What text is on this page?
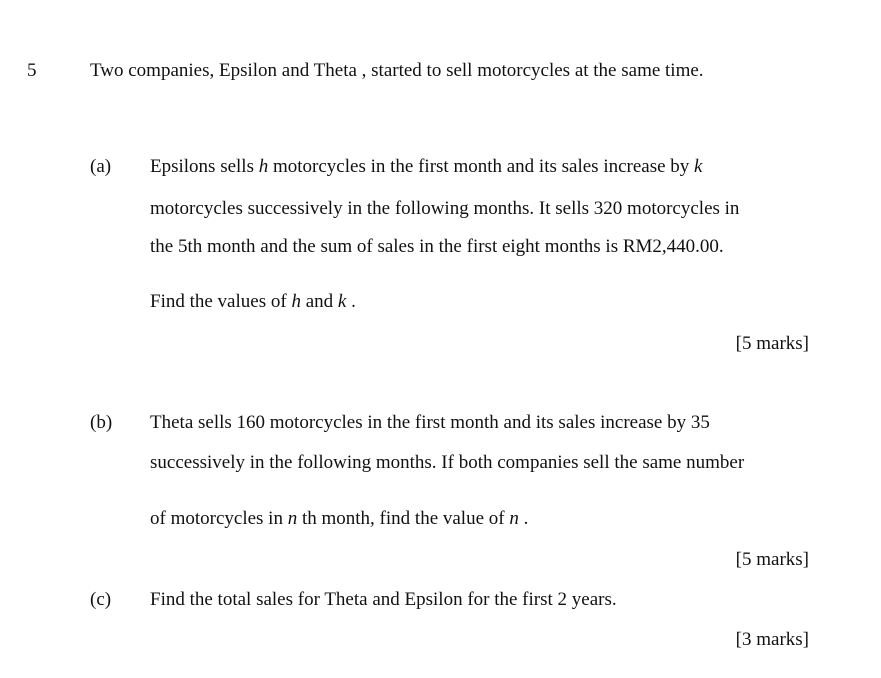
5	Two companies, Epsilon and Theta , started to sell motorcycles at the same time.
(a) Epsilons sells h motorcycles in the first month and its sales increase by k
motorcycles successively in the following months. It sells 320 motorcycles in
the 5th month and the sum of sales in the first eight months is RM2,440.00.
Find the values of h and k .
[5 marks]
(b) Theta sells 160 motorcycles in the first month and its sales increase by 35
successively in the following months. If both companies sell the same number
of motorcycles in n th month, find the value of n .
[5 marks]
(c) Find the total sales for Theta and Epsilon for the first 2 years.
[3 marks]
